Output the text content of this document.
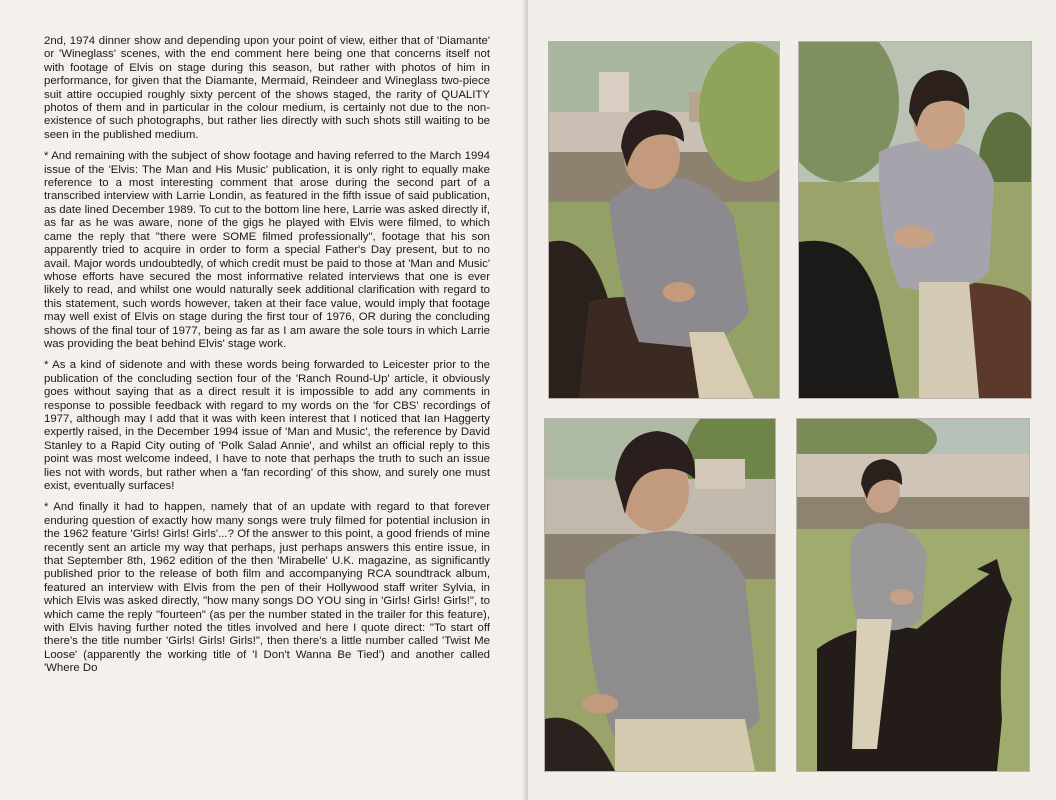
2nd, 1974 dinner show and depending upon your point of view, either that of 'Diamante' or 'Wineglass' scenes, with the end comment here being one that concerns itself not with footage of Elvis on stage during this season, but rather with photos of him in performance, for given that the Diamante, Mermaid, Reindeer and Wineglass two-piece suit attire occupied roughly sixty percent of the shows staged, the rarity of QUALITY photos of them and in particular in the colour medium, is certainly not due to the non-existence of such photographs, but rather lies directly with such shots still waiting to be seen in the published medium.

* And remaining with the subject of show footage and having referred to the March 1994 issue of the 'Elvis: The Man and His Music' publication, it is only right to equally make reference to a most interesting comment that arose during the second part of a transcribed interview with Larrie Londin, as featured in the fifth issue of said publication, as date lined December 1989. To cut to the bottom line here, Larrie was asked directly if, as far as he was aware, none of the gigs he played with Elvis were filmed, to which came the reply that "there were SOME filmed professionally", footage that his son apparently tried to acquire in order to form a special Father's Day present, but to no avail. Major words undoubtedly, of which credit must be paid to those at 'Man and Music' whose efforts have secured the most informative related interviews that one is ever likely to read, and whilst one would naturally seek additional clarification with regard to this statement, such words however, taken at their face value, would imply that footage may well exist of Elvis on stage during the first tour of 1976, OR during the concluding shows of the final tour of 1977, being as far as I am aware the sole tours in which Larrie was providing the beat behind Elvis' stage work.

* As a kind of sidenote and with these words being forwarded to Leicester prior to the publication of the concluding section four of the 'Ranch Round-Up' article, it obviously goes without saying that as a direct result it is impossible to add any comments in response to possible feedback with regard to my words on the 'for CBS' recordings of 1977, although may I add that it was with keen interest that I noticed that Ian Haggerty expertly raised, in the December 1994 issue of 'Man and Music', the reference by David Stanley to a Rapid City outing of 'Polk Salad Annie', and whilst an official reply to this point was most welcome indeed, I have to note that perhaps the truth to such an issue lies not with words, but rather when a 'fan recording' of this show, and surely one must exist, eventually surfaces!

* And finally it had to happen, namely that of an update with regard to that forever enduring question of exactly how many songs were truly filmed for potential inclusion in the 1962 feature 'Girls! Girls! Girls'...? Of the answer to this point, a good friends of mine recently sent an article my way that perhaps, just perhaps answers this entire issue, in that September 8th, 1962 edition of the then 'Mirabelle' U.K. magazine, as significantly published prior to the release of both film and accompanying RCA soundtrack album, featured an interview with Elvis from the pen of their Hollywood staff writer Sylvia, in which Elvis was asked directly, "how many songs DO YOU sing in 'Girls! Girls! Girls!", to which came the reply "fourteen" (as per the number stated in the trailer for this feature), with Elvis having further noted the titles involved and here I quote direct: "To start off there's the title number 'Girls! Girls! Girls!", then there's a little number called 'Twist Me Loose' (apparently the working title of 'I Don't Wanna Be Tied') and another called 'Where Do
